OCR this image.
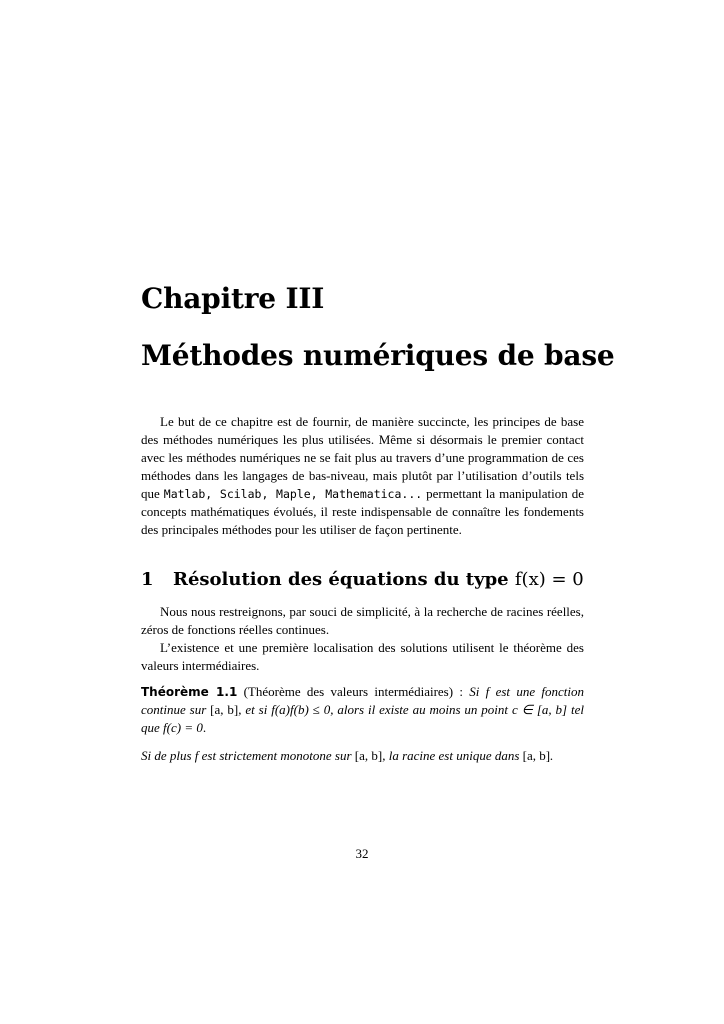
Chapitre III
Méthodes numériques de base

Le but de ce chapitre est de fournir, de manière succincte, les principes de base des méthodes numériques les plus utilisées. Même si désormais le premier contact avec les méthodes numériques ne se fait plus au travers d’une programmation de ces méthodes dans les langages de bas-niveau, mais plutôt par l’utilisation d’outils tels que Matlab, Scilab, Maple, Mathematica... permettant la manipulation de concepts mathématiques évolués, il reste indispensable de connaître les fondements des principales méthodes pour les utiliser de façon pertinente.

1 Résolution des équations du type f(x) = 0

Nous nous restreignons, par souci de simplicité, à la recherche de racines réelles, zéros de fonctions réelles continues.

L’existence et une première localisation des solutions utilisent le théorème des valeurs intermédiaires.

Théorème 1.1 (Théorème des valeurs intermédiaires) : Si f est une fonction continue sur [a, b], et si f(a)f(b) ≤ 0, alors il existe au moins un point c ∈ [a, b] tel que f(c) = 0.

Si de plus f est strictement monotone sur [a, b], la racine est unique dans [a, b].

32
